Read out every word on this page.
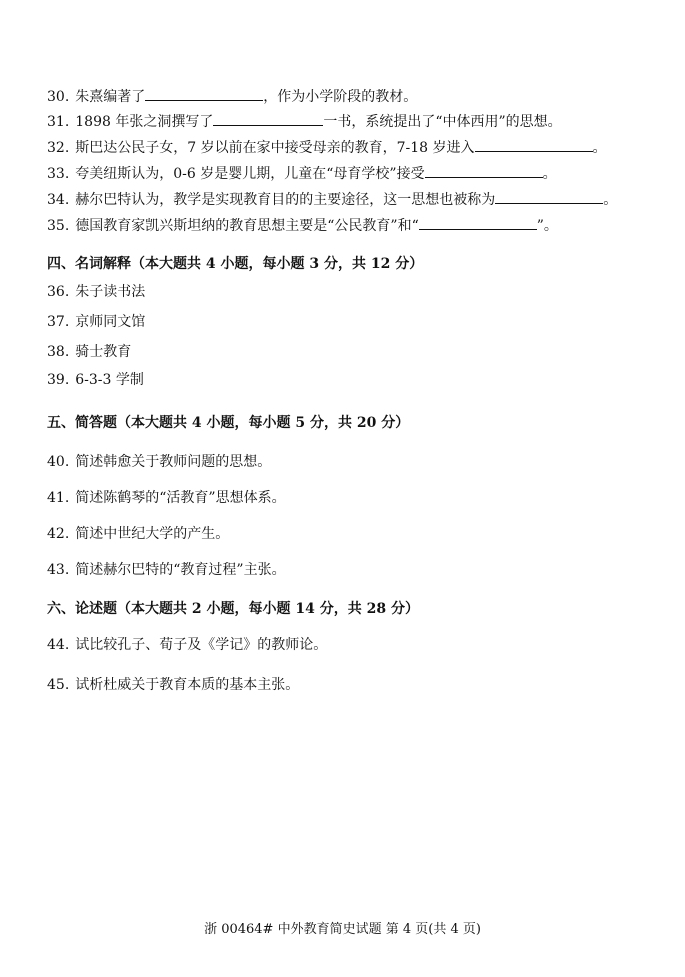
30. 朱熹编著了	，作为小学阶段的教材。
31. 1898 年张之洞撰写了	一书，系统提出了“中体西用”的思想。
32. 斯巴达公民子女，7 岁以前在家中接受母亲的教育，7-18 岁进入	。
33. 夸美纽斯认为，0-6 岁是婴儿期，儿童在“母育学校”接受	。
34. 赫尔巴特认为，教学是实现教育目的的主要途径，这一思想也被称为	。
35. 德国教育家凯兴斯坦纳的教育思想主要是“公民教育”和“	”。
四、名词解释（本大题共 4 小题，每小题 3 分，共 12 分）
36. 朱子读书法
37. 京师同文馆
38. 骑士教育
39. 6-3-3 学制
五、简答题（本大题共 4 小题，每小题 5 分，共 20 分）
40. 简述韩愈关于教师问题的思想。
41. 简述陈鹤琴的“活教育”思想体系。
42. 简述中世纪大学的产生。
43. 简述赫尔巴特的“教育过程”主张。
六、论述题（本大题共 2 小题，每小题 14 分，共 28 分）
44. 试比较孔子、荀子及《学记》的教师论。
45. 试析杜威关于教育本质的基本主张。
浙 00464# 中外教育简史试题 第 4 页(共 4 页)
